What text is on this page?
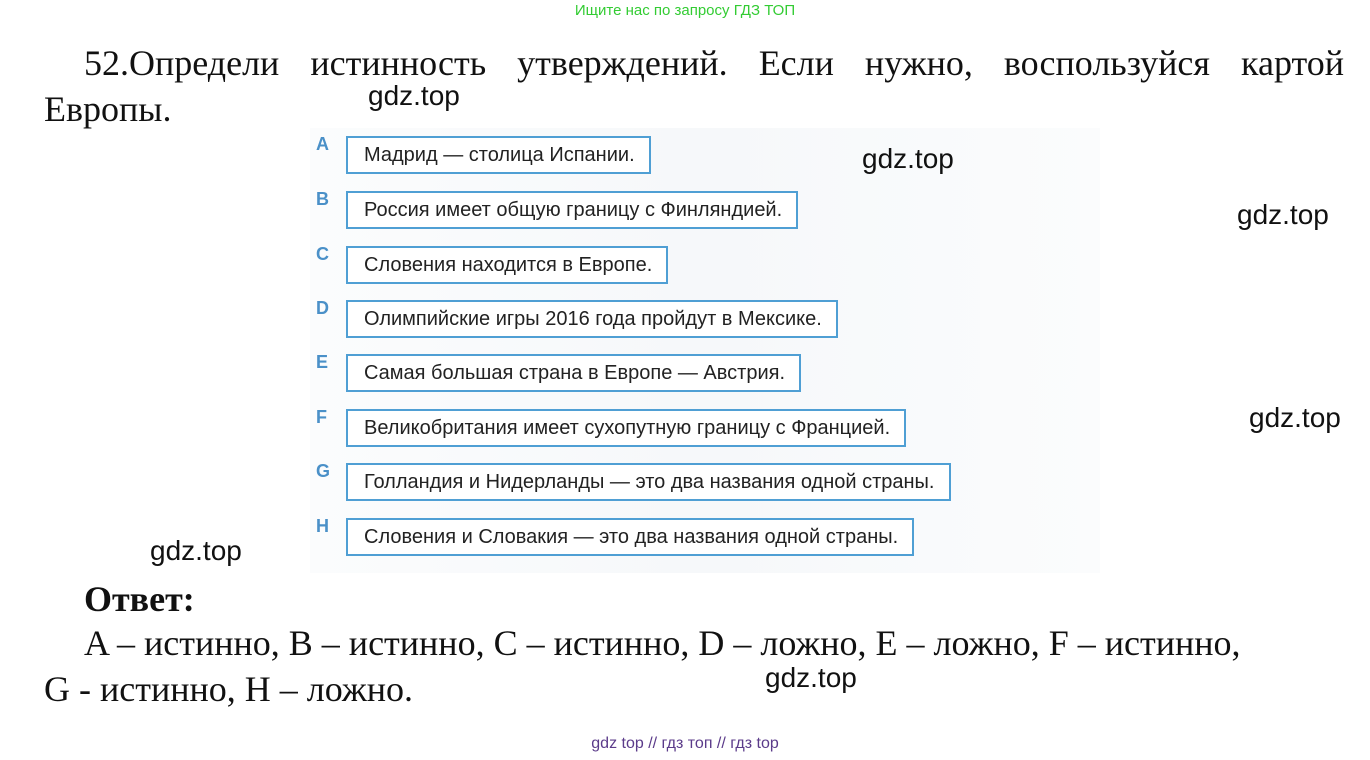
Ищите нас по запросу ГДЗ ТОП

52.Определи истинность утверждений. Если нужно, воспользуйся картой Европы.

A	Мадрид — столица Испании.
B	Россия имеет общую границу с Финляндией.
C	Словения находится в Европе.
D	Олимпийские игры 2016 года пройдут в Мексике.
E	Самая большая страна в Европе — Австрия.
F	Великобритания имеет сухопутную границу с Францией.
G	Голландия и Нидерланды — это два названия одной страны.
H	Словения и Словакия — это два названия одной страны.
gdz.top
gdz.top
gdz.top
gdz.top
gdz.top
gdz.top
Ответ:

A – истинно, B – истинно, C – истинно, D – ложно, E – ложно, F – истинно, G - истинно, H – ложно.

gdz top // гдз топ // гдз top
